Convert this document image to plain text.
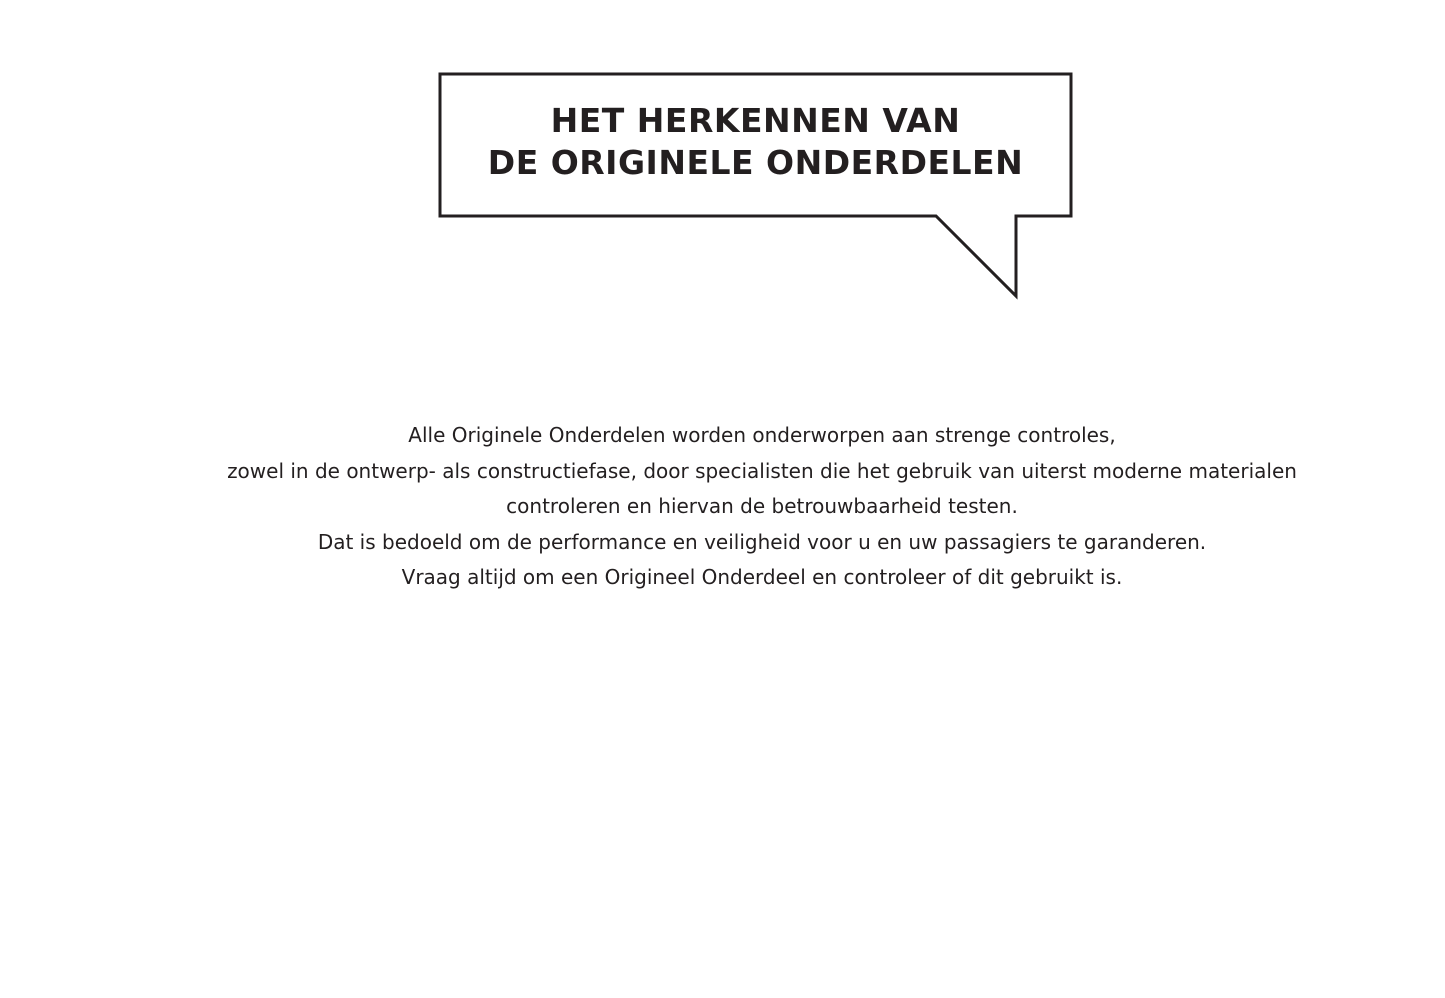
HET HERKENNEN VAN
DE ORIGINELE ONDERDELEN

Alle Originele Onderdelen worden onderworpen aan strenge controles,
zowel in de ontwerp- als constructiefase, door specialisten die het gebruik van uiterst moderne materialen
controleren en hiervan de betrouwbaarheid testen.
Dat is bedoeld om de performance en veiligheid voor u en uw passagiers te garanderen.
Vraag altijd om een Origineel Onderdeel en controleer of dit gebruikt is.
